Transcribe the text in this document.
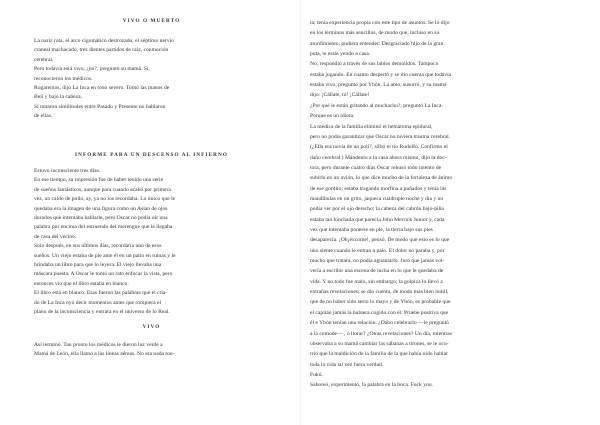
VIVO O MUERTO
La nariz rota, el arco cigomático destrozado, el séptimo nervio
craneal machacado, tres dientes partidos de raíz, conmoción
cerebral.
Pero todavía está vivo, ¿no?, preguntó su mamá. Sí,
reconocieron los médicos.
Rogaremos, dijo La Inca en tono severo. Tomó las manos de
Beli y bajó la cabeza.
Sí notaron similitudes entre Pasado y Presente no hablaron
de ellas.
INFORME PARA UN DESCENSO AL INFIERNO
Estuvo inconsciente tres días.
En ese tiempo, su impresión fue de haber tenido una serie
de sueños fantásticos, aunque para cuando acabó por primera
vez, un caldo de pollo, ay, ya no los recordaba. Lo único que le
quedaba era la imagen de una figura como un Aslan de ojos
dorados que intentaba hablarle, pero Oscar no podía oír una
palabra por encima del estruendo del merengue que le llegaba
de casa del vecino.
Solo después, en sus últimos días, recordaría uno de esos
sueños. Un viejo estaba de pie ante él en un patio en ruinas y le
brindaba un libro para que lo leyera. El viejo llevaba una
máscara puesta. A Oscar le tomó un rato enfocar la vista, pero
entonces vio que el libro estaba en blanco.
El libro está en blanco. Esas fueron las palabras que el cria-
do de La Inca oyó decir momentos antes que rompiera el
plano de la inconsciencia y entrara en el universo de lo Real.
VIVO
Así terminó. Tan pronto los médicos le dieron luz verde a
Mamá de León, ella llamó a las líneas aéreas. No era nada ton-
ta; tenía experiencia propia con este tipo de asuntos. Se lo dijo
en los términos más sencillos, de modo que, incluso en su
aturdimiento, pudiera entender: Desgraciado hijo de la gran
puta, te estás yendo a casa.
No, respondió a través de sus labios demolidos. Tampoco
estaba jugando. En cuanto despertó y se dio cuenta que todavía
estaba vivo, preguntó por Ybón. La amo, susurró, y su mamá
dijo: ¡Cállate, tú! ¡Cállate!
¿Por qué le están gritando al muchacho?, preguntó La Inca.
Porque es un idiota.
La médica de la familia eliminó el hematoma epidural,
pero no podía garantizar que Oscar no tuviera trauma cerebral.
(¿Ella era novia de un poli?, silbó el tío Rudolfo. Confirmo el
daño cerebral.) Mándenlo a la casa ahora mismo, dijo la doc-
tora, pero durante cuatro días Oscar rehusó todo intento de
subirlo en un avión, lo que dice mucho de la fortaleza de ánimo
de ese gordito; estaba tragando morfina a puñados y tenía las
mandíbulas en un grito, jaqueca cuádruple noche y día y no
podía ver por el ojo derecho; la cabeza del cabrón bajo-piña
estaba tan hinchada que parecía John Merrick Junior y, cada
vez que intentaba ponerse en pie, la tierra bajo sus pies
desaparecía. ¡Oh¡éxcome!, pensó. De modo que esto es lo que
uno siente cuando le entran a palo. El dolor no paraba y, por
mucho que tratara, no podía aguantarlo. Juró que jamás vol-
vería a escribir una escena de lucha en lo que le quedaba de
vida. Y no todo fue malo, sin embargo; la golpiza lo llevó a
extrañas revelaciones; se dio cuenta, de modo más bien inútil,
que de no haber sido serio lo mayo y de Ybón, es probable que
el capitán jamás la hubiera cogido con él. Pruebe positiva que
él e Ybón tenían una relación. ¿Dabo celebrarlo —le preguntó
a la comode— , o llorar? ¿Otras revelaciones? Un día, mientras
observaba a su mamá cambiar las sábanas a tirones, se le ocu-
rrió que la maldición de la familia de la que había oído hablar
toda la vida tal vez fuera verdad.
Fukú.
Saboreó, experimentó, la palabra en la boca. Fuck you.
